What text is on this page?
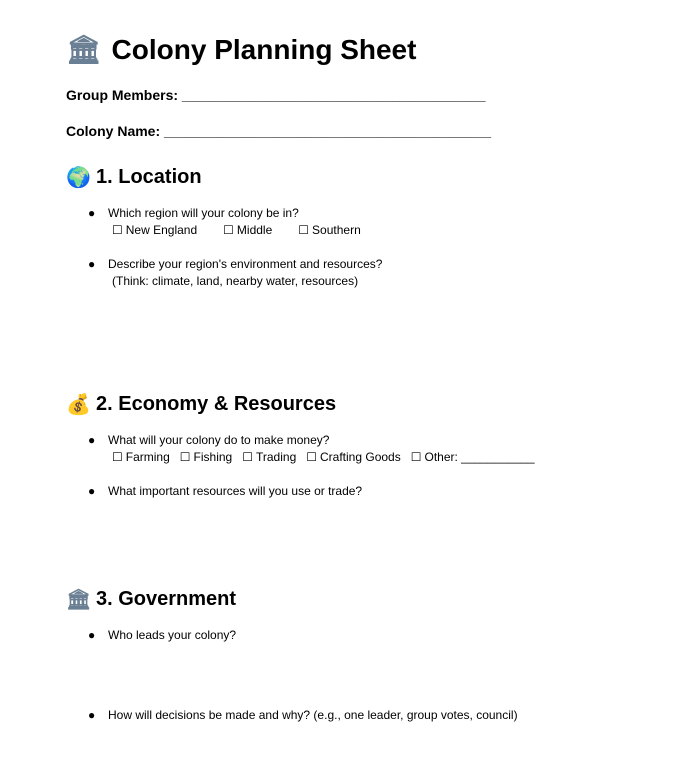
🏛 Colony Planning Sheet
Group Members: _______________________________________
Colony Name: __________________________________________
🌍 1. Location
● Which region will your colony be in?
☐ New England ☐ Middle ☐ Southern
● Describe your region's environment and resources?
(Think: climate, land, nearby water, resources)
💰 2. Economy & Resources
● What will your colony do to make money?
☐ Farming ☐ Fishing ☐ Trading ☐ Crafting Goods ☐ Other: ___________
● What important resources will you use or trade?
🏛 3. Government
● Who leads your colony?
● How will decisions be made and why? (e.g., one leader, group votes, council)
